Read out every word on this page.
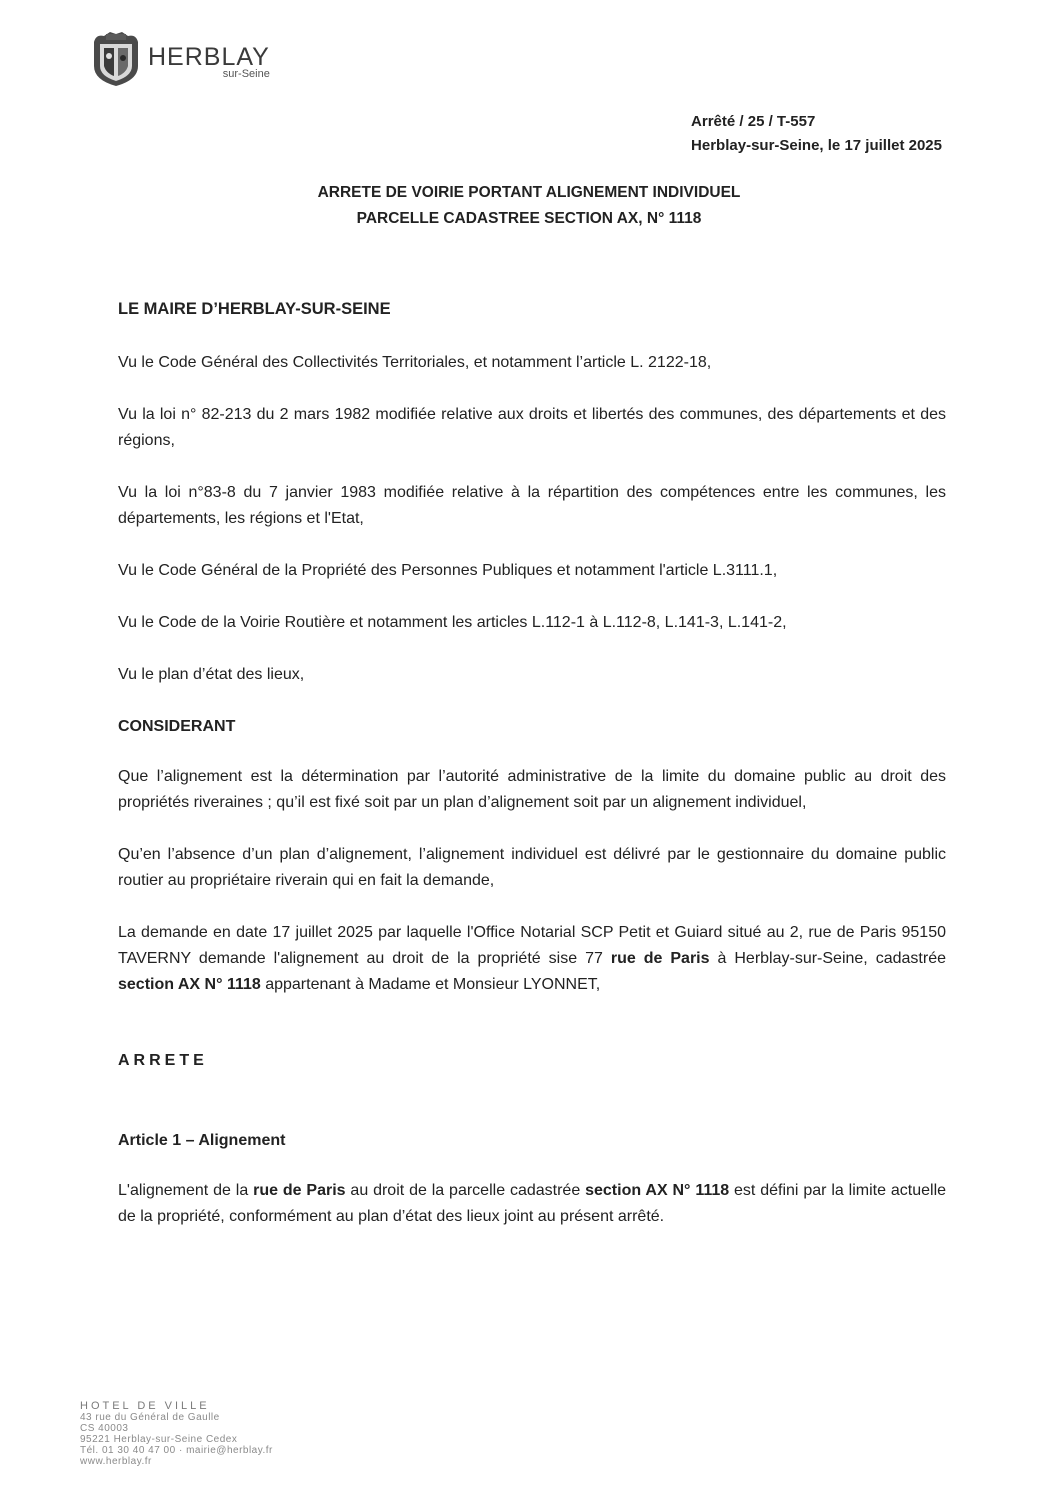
HERBLAY
sur-Seine
Arrêté / 25 / T-557
Herblay-sur-Seine, le 17 juillet 2025
ARRETE DE VOIRIE PORTANT ALIGNEMENT INDIVIDUEL
PARCELLE CADASTREE SECTION AX, N° 1118

LE MAIRE D’HERBLAY-SUR-SEINE

Vu le Code Général des Collectivités Territoriales, et notamment l’article L. 2122-18,

Vu la loi n° 82-213 du 2 mars 1982 modifiée relative aux droits et libertés des communes, des départements et des régions,

Vu la loi n°83-8 du 7 janvier 1983 modifiée relative à la répartition des compétences entre les communes, les départements, les régions et l'Etat,

Vu le Code Général de la Propriété des Personnes Publiques et notamment l'article L.3111.1,

Vu le Code de la Voirie Routière et notamment les articles L.112-1 à L.112-8, L.141-3, L.141-2,

Vu le plan d’état des lieux,

CONSIDERANT

Que l’alignement est la détermination par l’autorité administrative de la limite du domaine public au droit des propriétés riveraines ; qu’il est fixé soit par un plan d’alignement soit par un alignement individuel,

Qu’en l’absence d’un plan d’alignement, l’alignement individuel est délivré par le gestionnaire du domaine public routier au propriétaire riverain qui en fait la demande,

La demande en date 17 juillet 2025 par laquelle l'Office Notarial SCP Petit et Guiard situé au 2, rue de Paris 95150 TAVERNY demande l'alignement au droit de la propriété sise 77 rue de Paris à Herblay-sur-Seine, cadastrée section AX N° 1118 appartenant à Madame et Monsieur LYONNET,

ARRETE

Article 1 – Alignement

L'alignement de la rue de Paris au droit de la parcelle cadastrée section AX N° 1118 est défini par la limite actuelle de la propriété, conformément au plan d’état des lieux joint au présent arrêté.

HOTEL DE VILLE
43 rue du Général de Gaulle
CS 40003
95221 Herblay-sur-Seine Cedex
Tél. 01 30 40 47 00 · mairie@herblay.fr
www.herblay.fr
